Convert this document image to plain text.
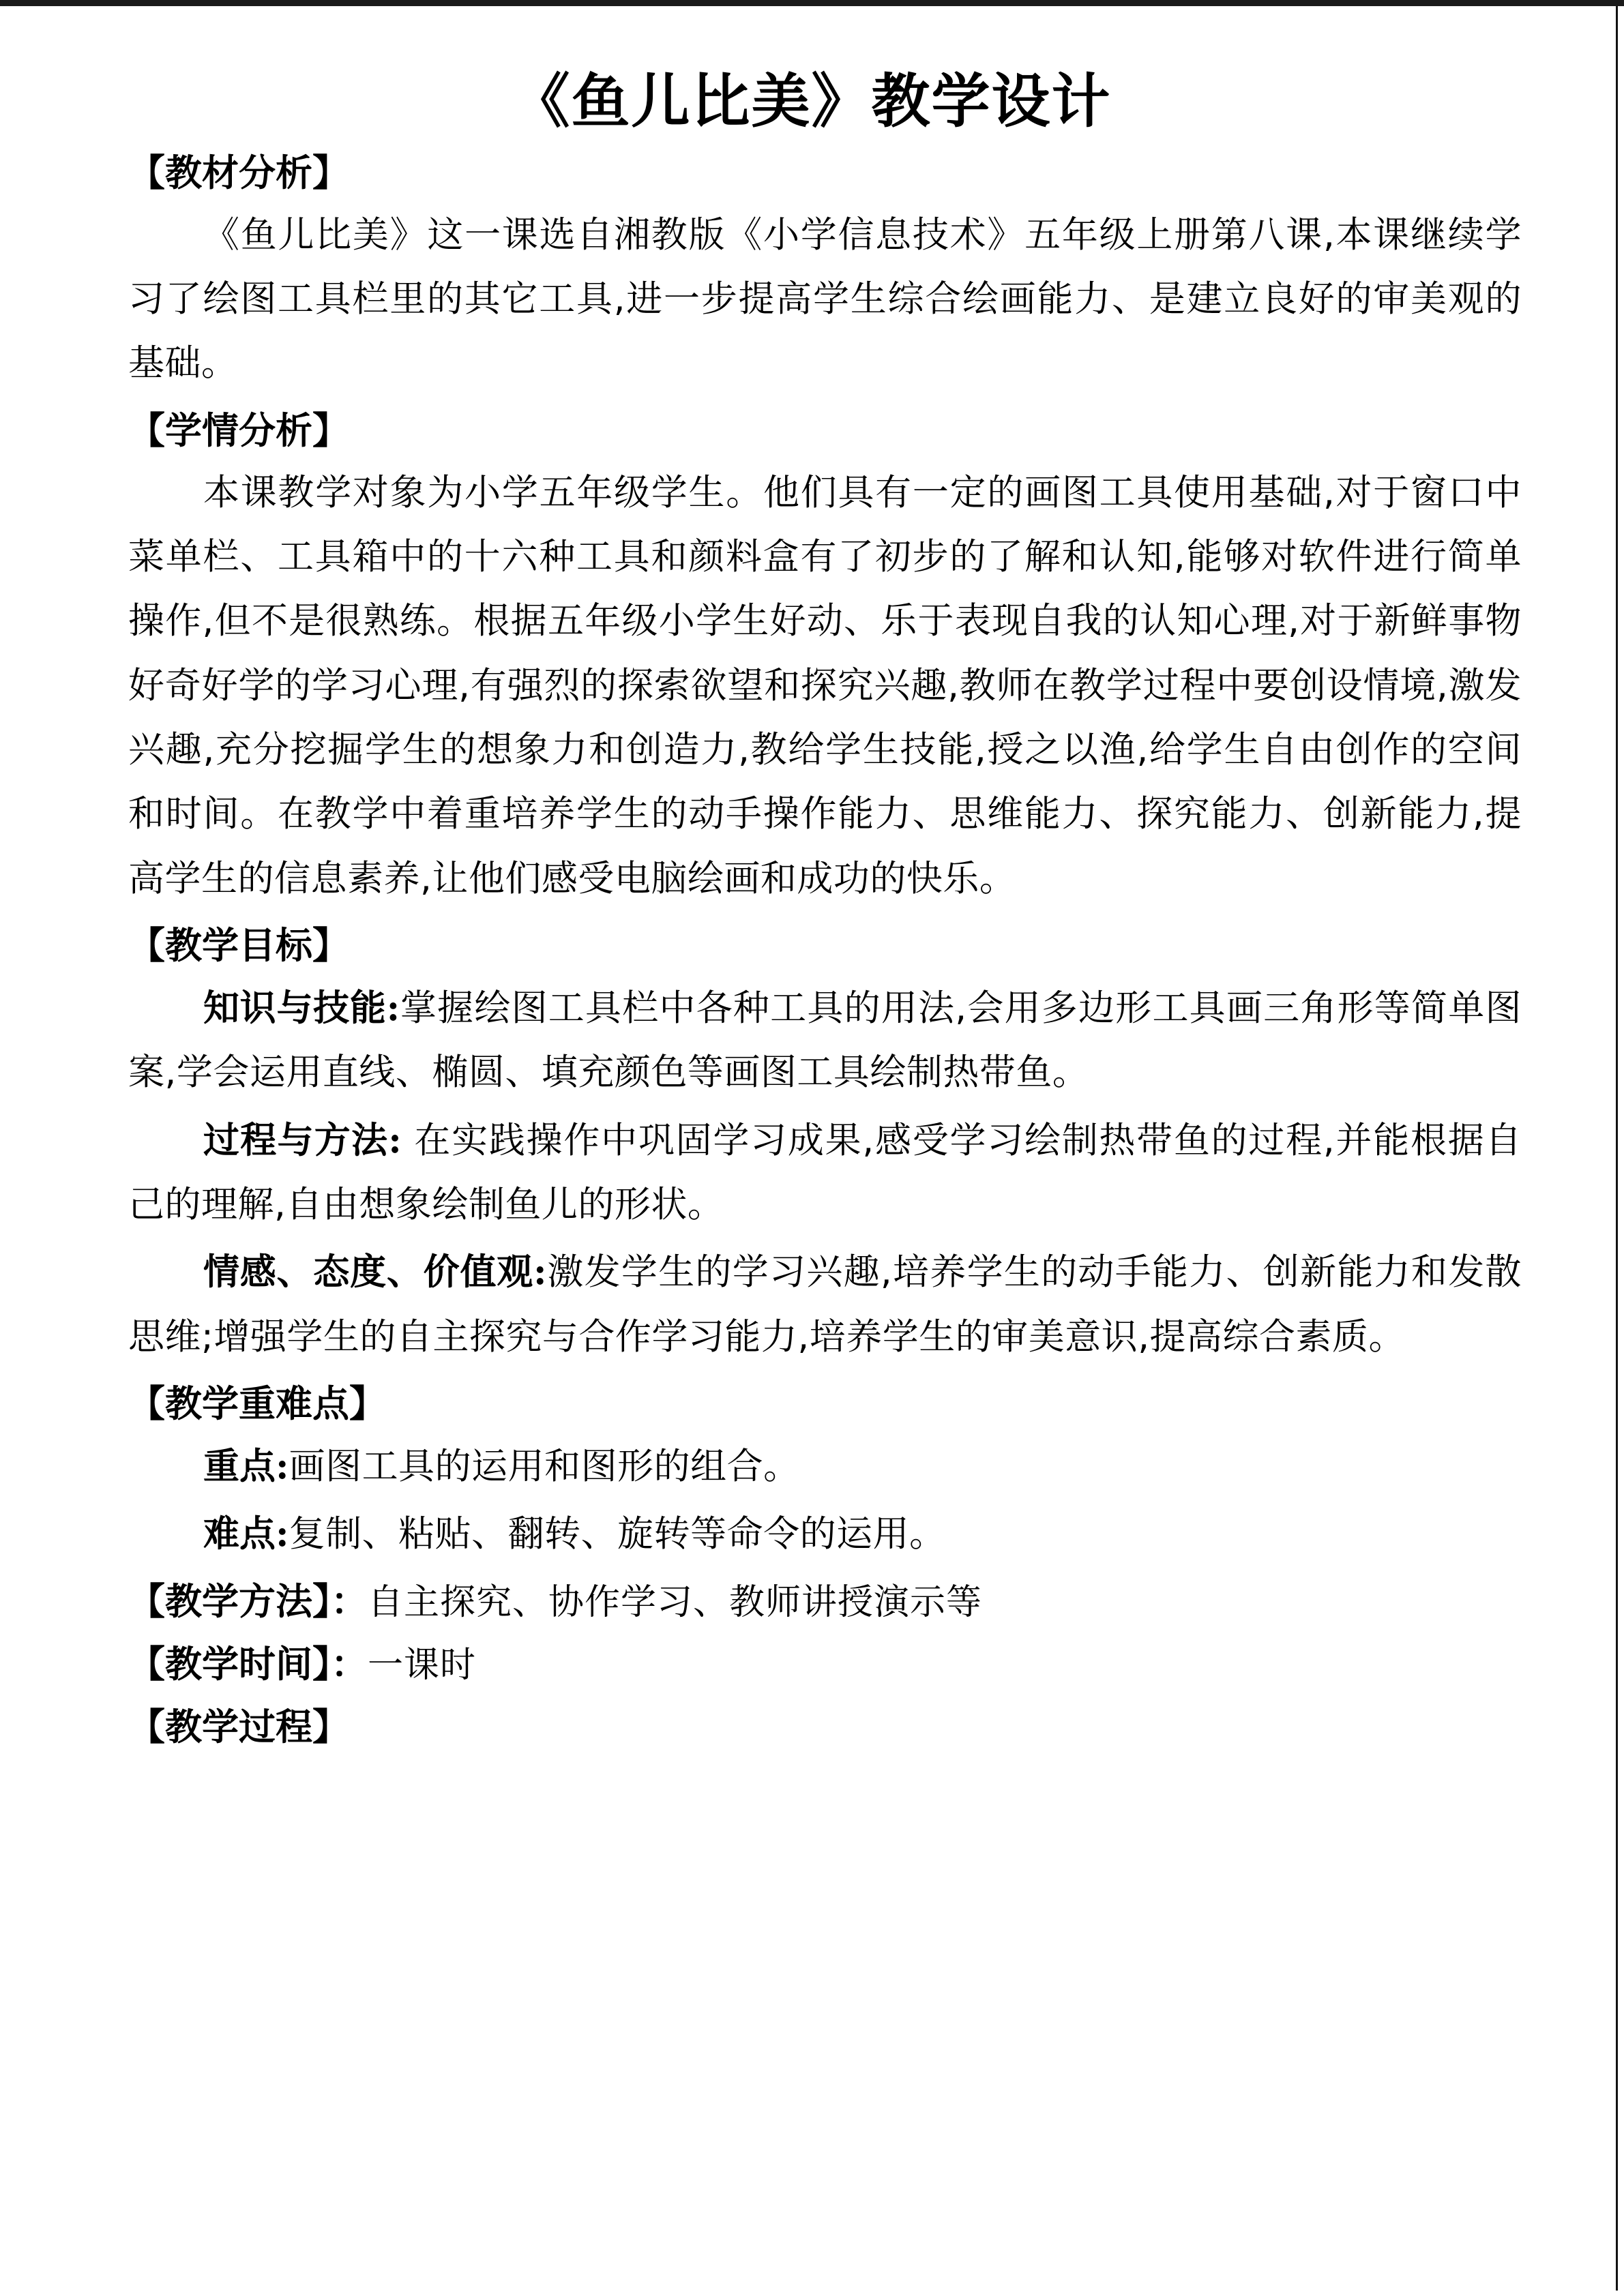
《鱼儿比美》教学设计
【教材分析】

《鱼儿比美》这一课选自湘教版《小学信息技术》五年级上册第八课,本课继续学习了绘图工具栏里的其它工具,进一步提高学生综合绘画能力、是建立良好的审美观的基础。

【学情分析】

本课教学对象为小学五年级学生。他们具有一定的画图工具使用基础,对于窗口中菜单栏、工具箱中的十六种工具和颜料盒有了初步的了解和认知,能够对软件进行简单操作,但不是很熟练。根据五年级小学生好动、乐于表现自我的认知心理,对于新鲜事物好奇好学的学习心理,有强烈的探索欲望和探究兴趣,教师在教学过程中要创设情境,激发兴趣,充分挖掘学生的想象力和创造力,教给学生技能,授之以渔,给学生自由创作的空间和时间。在教学中着重培养学生的动手操作能力、思维能力、探究能力、创新能力,提高学生的信息素养,让他们感受电脑绘画和成功的快乐。

【教学目标】

知识与技能:掌握绘图工具栏中各种工具的用法,会用多边形工具画三角形等简单图案,学会运用直线、椭圆、填充颜色等画图工具绘制热带鱼。

过程与方法: 在实践操作中巩固学习成果,感受学习绘制热带鱼的过程,并能根据自己的理解,自由想象绘制鱼儿的形状。

情感、态度、价值观:激发学生的学习兴趣,培养学生的动手能力、创新能力和发散思维;增强学生的自主探究与合作学习能力,培养学生的审美意识,提高综合素质。

【教学重难点】

重点:画图工具的运用和图形的组合。

难点:复制、粘贴、翻转、旋转等命令的运用。

【教学方法】：自主探究、协作学习、教师讲授演示等
【教学时间】：一课时
【教学过程】
